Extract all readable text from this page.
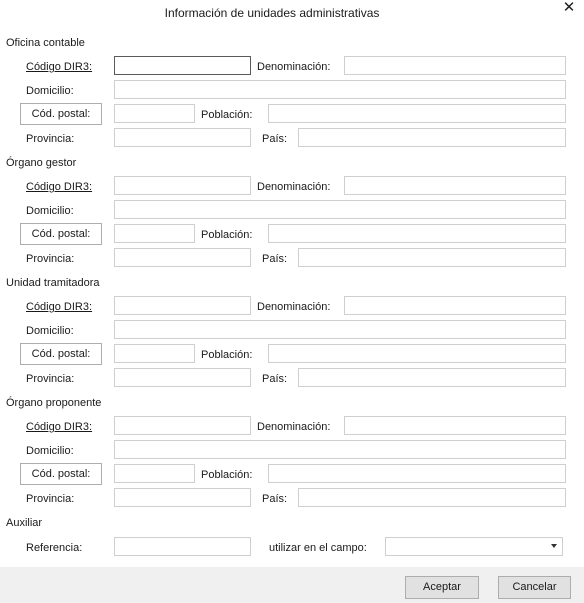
Información de unidades administrativas	✕
Oficina contable
Código DIR3:	Denominación:
Domicilio:
Cód. postal:	Población:
Provincia:	País:
Órgano gestor
Código DIR3:	Denominación:
Domicilio:
Cód. postal:	Población:
Provincia:	País:
Unidad tramitadora
Código DIR3:	Denominación:
Domicilio:
Cód. postal:	Población:
Provincia:	País:
Órgano proponente
Código DIR3:	Denominación:
Domicilio:
Cód. postal:	Población:
Provincia:	País:
Auxiliar
Referencia:	utilizar en el campo:
Aceptar	Cancelar
